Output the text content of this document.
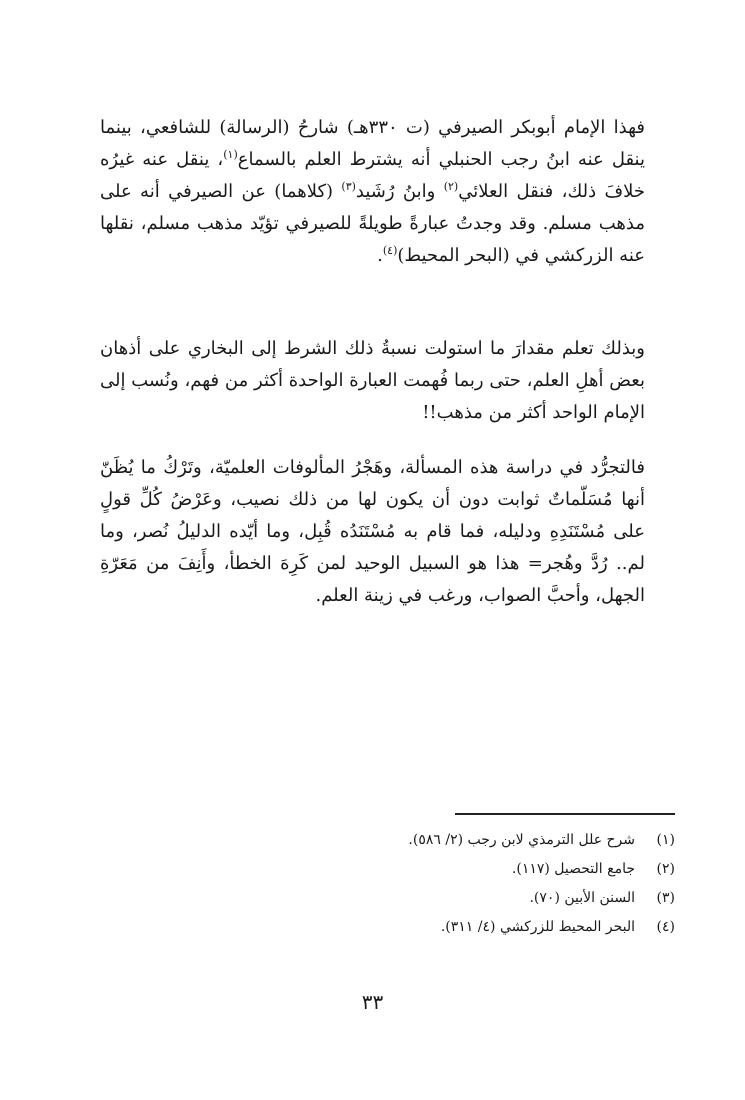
فهذا الإمام أبوبكر الصيرفي (ت ٣٣٠هـ) شارحُ (الرسالة) للشافعي، بينما ينقل عنه ابنُ رجب الحنبلي أنه يشترط العلم بالسماع$^{(١)}$، ينقل عنه غيرُه خلافَ ذلك، فنقل العلائي$^{(٢)}$ وابنُ رُشَيد$^{(٣)}$ (كلاهما) عن الصيرفي أنه على مذهب مسلم. وقد وجدتُ عبارةً طويلةً للصيرفي تؤيّد مذهب مسلم، نقلها عنه الزركشي في (البحر المحيط)$^{(٤)}$.

وبذلك تعلم مقدارَ ما استولت نسبةُ ذلك الشرط إلى البخاري على أذهان بعض أهلِ العلم، حتى ربما فُهمت العبارة الواحدة أكثر من فهم، ونُسب إلى الإمام الواحد أكثر من مذهب!!

فالتجرُّد في دراسة هذه المسألة، وهَجْرُ المألوفات العلميّة، وتَرْكُ ما يُظَنّ أنها مُسَلّماتٌ ثوابت دون أن يكون لها من ذلك نصيب، وعَرْضُ كُلِّ قولٍ على مُسْتَنَدِهِ ودليله، فما قام به مُسْتَنَدُه قُبِل، وما أيّده الدليلُ نُصر، وما لم.. رُدَّ وهُجر= هذا هو السبيل الوحيد لمن كَرِهَ الخطأ، وأَنِفَ من مَعَرّةِ الجهل، وأحبَّ الصواب، ورغب في زينة العلم.

(١)شرح علل الترمذي لابن رجب (٢/ ٥٨٦).
(٢)جامع التحصيل (١١٧).
(٣)السنن الأبين (٧٠).
(٤)البحر المحيط للزركشي (٤/ ٣١١).
٣٣
